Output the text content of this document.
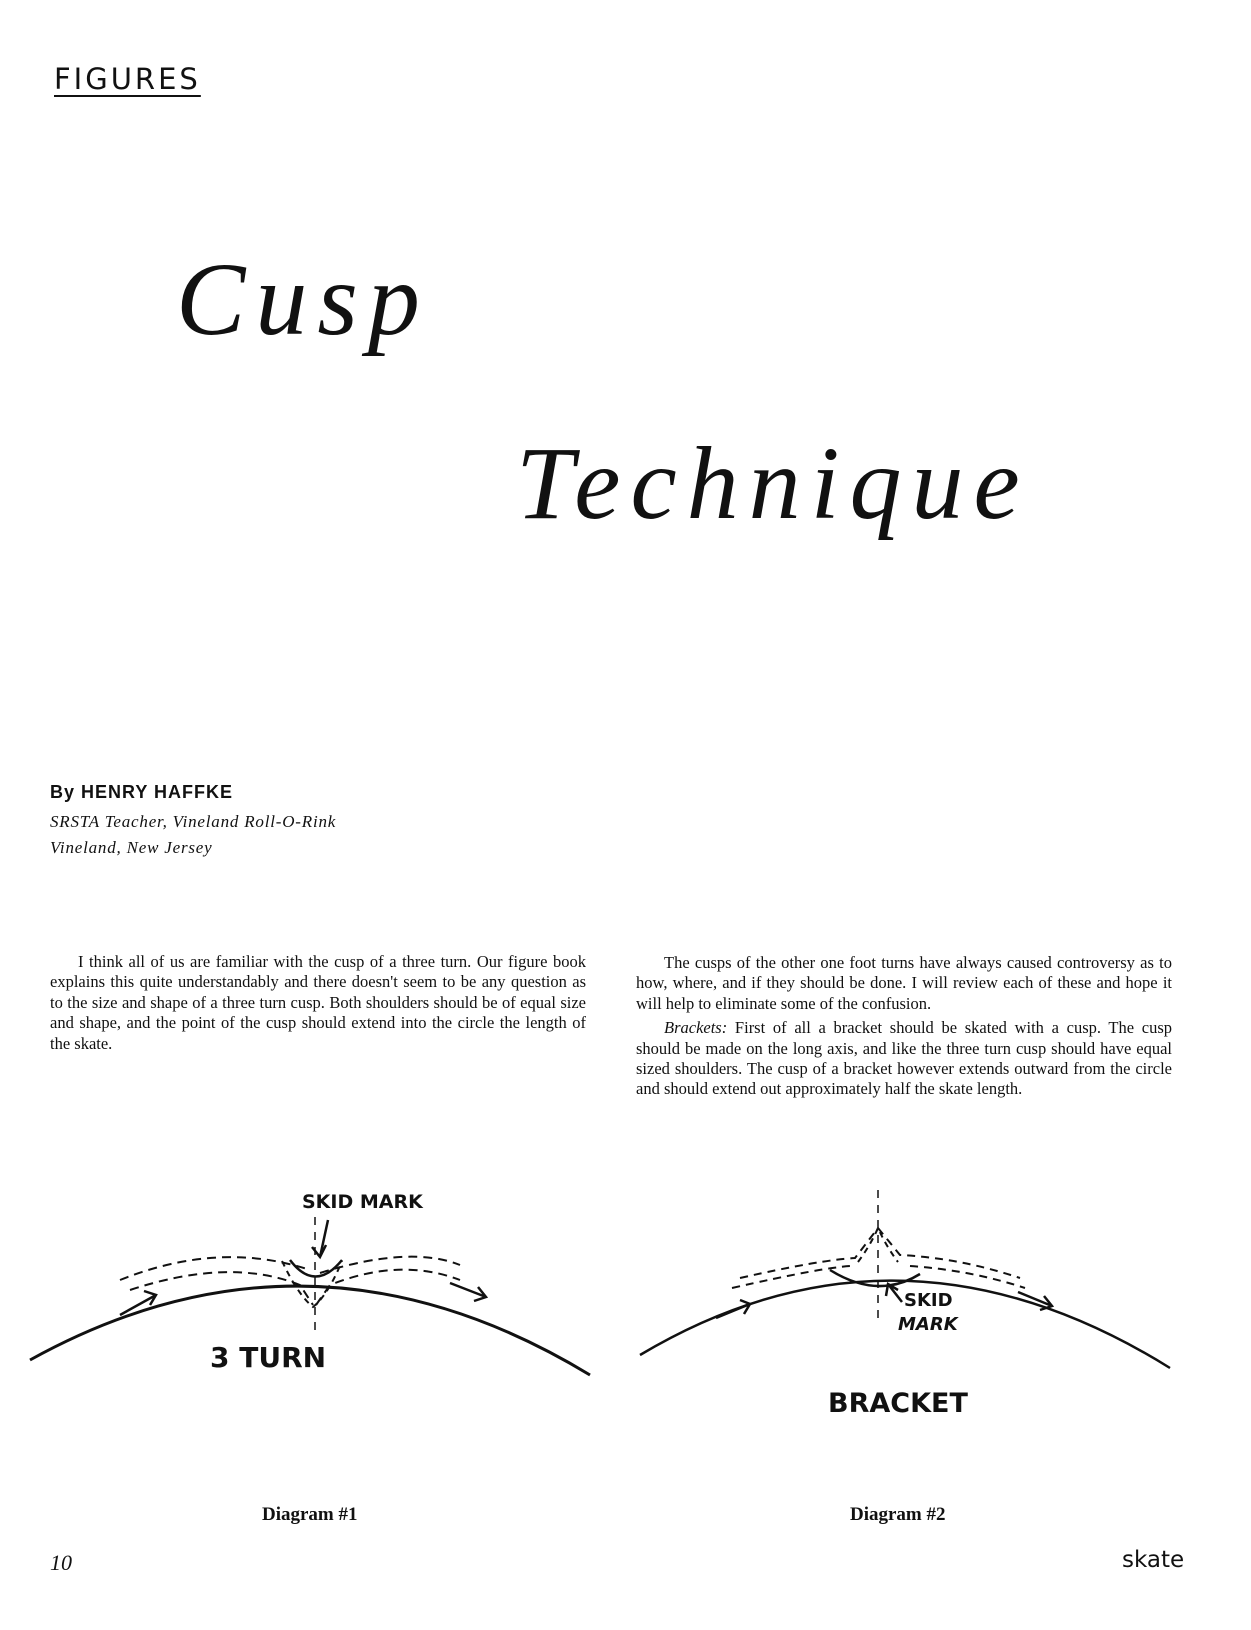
FIGURES
Cusp
Technique
By HENRY HAFFKE
SRSTA Teacher, Vineland Roll-O-Rink
Vineland, New Jersey

I think all of us are familiar with the cusp of a three turn. Our figure book explains this quite understandably and there doesn't seem to be any question as to the size and shape of a three turn cusp. Both shoulders should be of equal size and shape, and the point of the cusp should extend into the circle the length of the skate.

The cusps of the other one foot turns have always caused controversy as to how, where, and if they should be done. I will review each of these and hope it will help to eliminate some of the confusion.

Brackets: First of all a bracket should be skated with a cusp. The cusp should be made on the long axis, and like the three turn cusp should have equal sized shoulders. The cusp of a bracket however extends outward from the circle and should extend out approximately half the skate length.

SKID MARK
3 TURN
SKID
MARK
BRACKET
Diagram #1	Diagram #2
10	skate
